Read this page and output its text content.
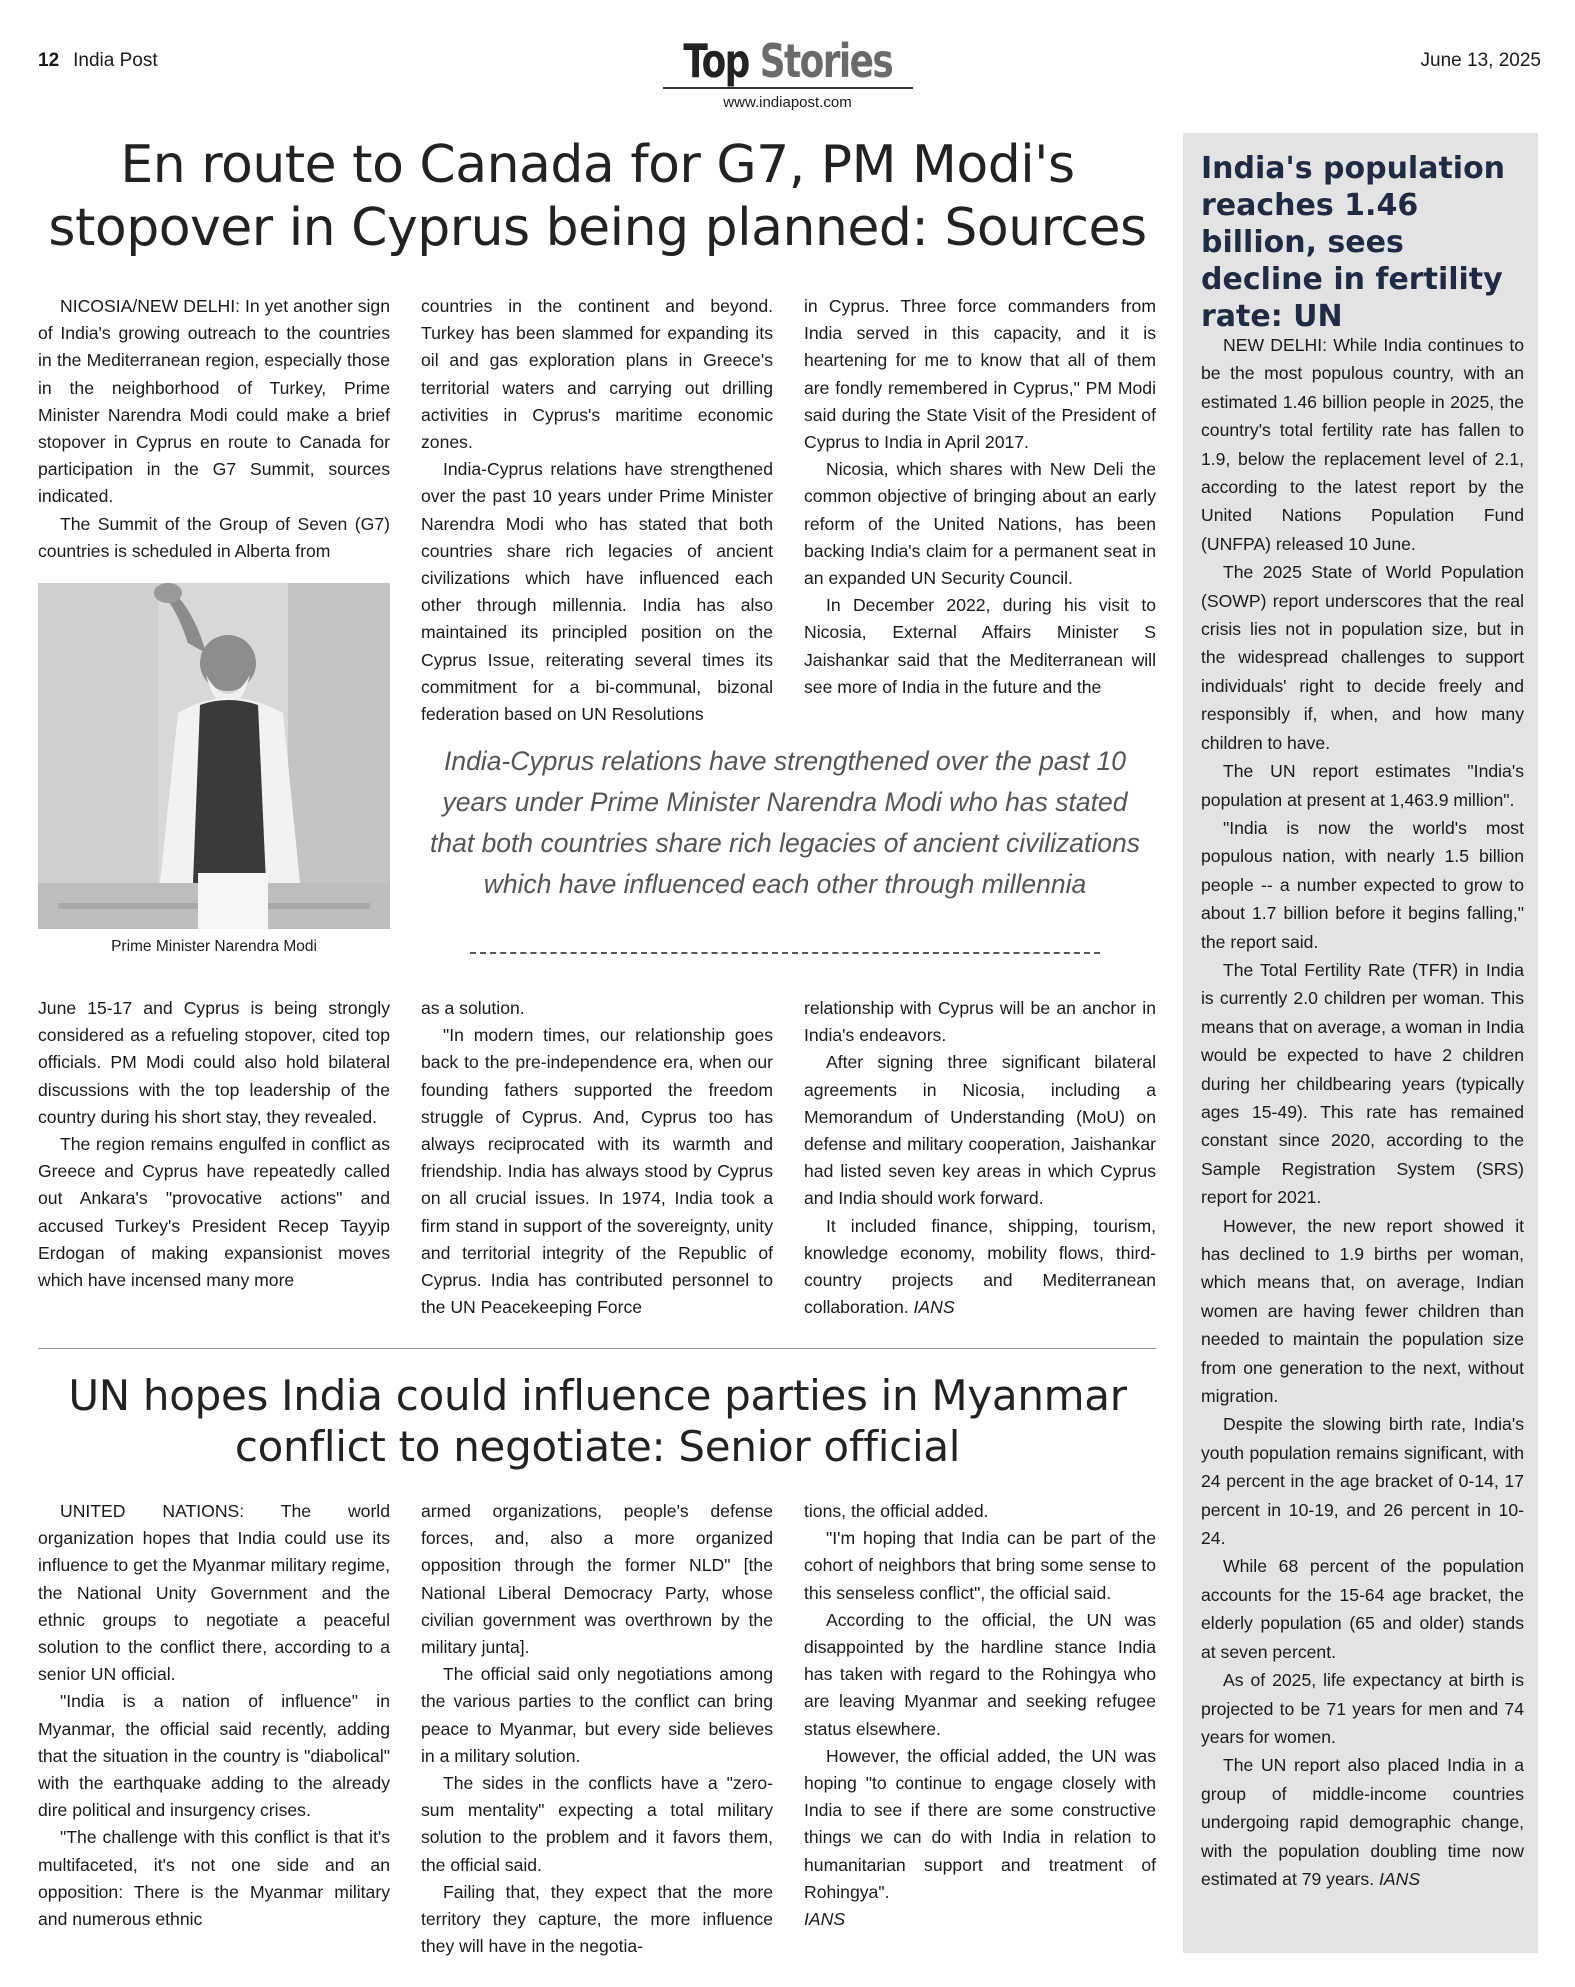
12 India Post	Top Stories
www.indiapost.com
June 13, 2025
En route to Canada for G7, PM Modi's stopover in Cyprus being planned: Sources

NICOSIA/NEW DELHI: In yet another sign of India's growing outreach to the countries in the Mediterranean region, especially those in the neighborhood of Turkey, Prime Minister Narendra Modi could make a brief stopover in Cyprus en route to Canada for participation in the G7 Summit, sources indicated.

The Summit of the Group of Seven (G7) countries is scheduled in Alberta from

Prime Minister Narendra Modi

June 15-17 and Cyprus is being strongly considered as a refueling stopover, cited top officials. PM Modi could also hold bilateral discussions with the top leadership of the country during his short stay, they revealed.

The region remains engulfed in conflict as Greece and Cyprus have repeatedly called out Ankara's "provocative actions" and accused Turkey's President Recep Tayyip Erdogan of making expansionist moves which have incensed many more

countries in the continent and beyond. Turkey has been slammed for expanding its oil and gas exploration plans in Greece's territorial waters and carrying out drilling activities in Cyprus's maritime economic zones.

India-Cyprus relations have strengthened over the past 10 years under Prime Minister Narendra Modi who has stated that both countries share rich legacies of ancient civilizations which have influenced each other through millennia. India has also maintained its principled position on the Cyprus Issue, reiterating several times its commitment for a bi-communal, bizonal federation based on UN Resolutions

as a solution.

"In modern times, our relationship goes back to the pre-independence era, when our founding fathers supported the freedom struggle of Cyprus. And, Cyprus too has always reciprocated with its warmth and friendship. India has always stood by Cyprus on all crucial issues. In 1974, India took a firm stand in support of the sovereignty, unity and territorial integrity of the Republic of Cyprus. India has contributed personnel to the UN Peacekeeping Force

in Cyprus. Three force commanders from India served in this capacity, and it is heartening for me to know that all of them are fondly remembered in Cyprus," PM Modi said during the State Visit of the President of Cyprus to India in April 2017.

Nicosia, which shares with New Deli the common objective of bringing about an early reform of the United Nations, has been backing India's claim for a permanent seat in an expanded UN Security Council.

In December 2022, during his visit to Nicosia, External Affairs Minister S Jaishankar said that the Mediterranean will see more of India in the future and the

relationship with Cyprus will be an anchor in India's endeavors.

After signing three significant bilateral agreements in Nicosia, including a Memorandum of Understanding (MoU) on defense and military cooperation, Jaishankar had listed seven key areas in which Cyprus and India should work forward.

It included finance, shipping, tourism, knowledge economy, mobility flows, third-country projects and Mediterranean collaboration. IANS

India-Cyprus relations have strengthened over the past 10 years under Prime Minister Narendra Modi who has stated that both countries share rich legacies of ancient civilizations which have influenced each other through millennia
UN hopes India could influence parties in Myanmar conflict to negotiate: Senior official

UNITED NATIONS: The world organization hopes that India could use its influence to get the Myanmar military regime, the National Unity Government and the ethnic groups to negotiate a peaceful solution to the conflict there, according to a senior UN official.

"India is a nation of influence" in Myanmar, the official said recently, adding that the situation in the country is "diabolical" with the earthquake adding to the already dire political and insurgency crises.

"The challenge with this conflict is that it's multifaceted, it's not one side and an opposition: There is the Myanmar military and numerous ethnic

armed organizations, people's defense forces, and, also a more organized opposition through the former NLD" [the National Liberal Democracy Party, whose civilian government was overthrown by the military junta].

The official said only negotiations among the various parties to the conflict can bring peace to Myanmar, but every side believes in a military solution.

The sides in the conflicts have a "zero-sum mentality" expecting a total military solution to the problem and it favors them, the official said.

Failing that, they expect that the more territory they capture, the more influence they will have in the negotia-

tions, the official added.

"I'm hoping that India can be part of the cohort of neighbors that bring some sense to this senseless conflict", the official said.

According to the official, the UN was disappointed by the hardline stance India has taken with regard to the Rohingya who are leaving Myanmar and seeking refugee status elsewhere.

However, the official added, the UN was hoping "to continue to engage closely with India to see if there are some constructive things we can do with India in relation to humanitarian support and treatment of Rohingya".

IANS

India's population reaches 1.46 billion, sees decline in fertility rate: UN

NEW DELHI: While India continues to be the most populous country, with an estimated 1.46 billion people in 2025, the country's total fertility rate has fallen to 1.9, below the replacement level of 2.1, according to the latest report by the United Nations Population Fund (UNFPA) released 10 June.

The 2025 State of World Population (SOWP) report underscores that the real crisis lies not in population size, but in the widespread challenges to support individuals' right to decide freely and responsibly if, when, and how many children to have.

The UN report estimates "India's population at present at 1,463.9 million".

"India is now the world's most populous nation, with nearly 1.5 billion people -- a number expected to grow to about 1.7 billion before it begins falling," the report said.

The Total Fertility Rate (TFR) in India is currently 2.0 children per woman. This means that on average, a woman in India would be expected to have 2 children during her childbearing years (typically ages 15-49). This rate has remained constant since 2020, according to the Sample Registration System (SRS) report for 2021.

However, the new report showed it has declined to 1.9 births per woman, which means that, on average, Indian women are having fewer children than needed to maintain the population size from one generation to the next, without migration.

Despite the slowing birth rate, India's youth population remains significant, with 24 percent in the age bracket of 0-14, 17 percent in 10-19, and 26 percent in 10-24.

While 68 percent of the population accounts for the 15-64 age bracket, the elderly population (65 and older) stands at seven percent.

As of 2025, life expectancy at birth is projected to be 71 years for men and 74 years for women.

The UN report also placed India in a group of middle-income countries undergoing rapid demographic change, with the population doubling time now estimated at 79 years. IANS
